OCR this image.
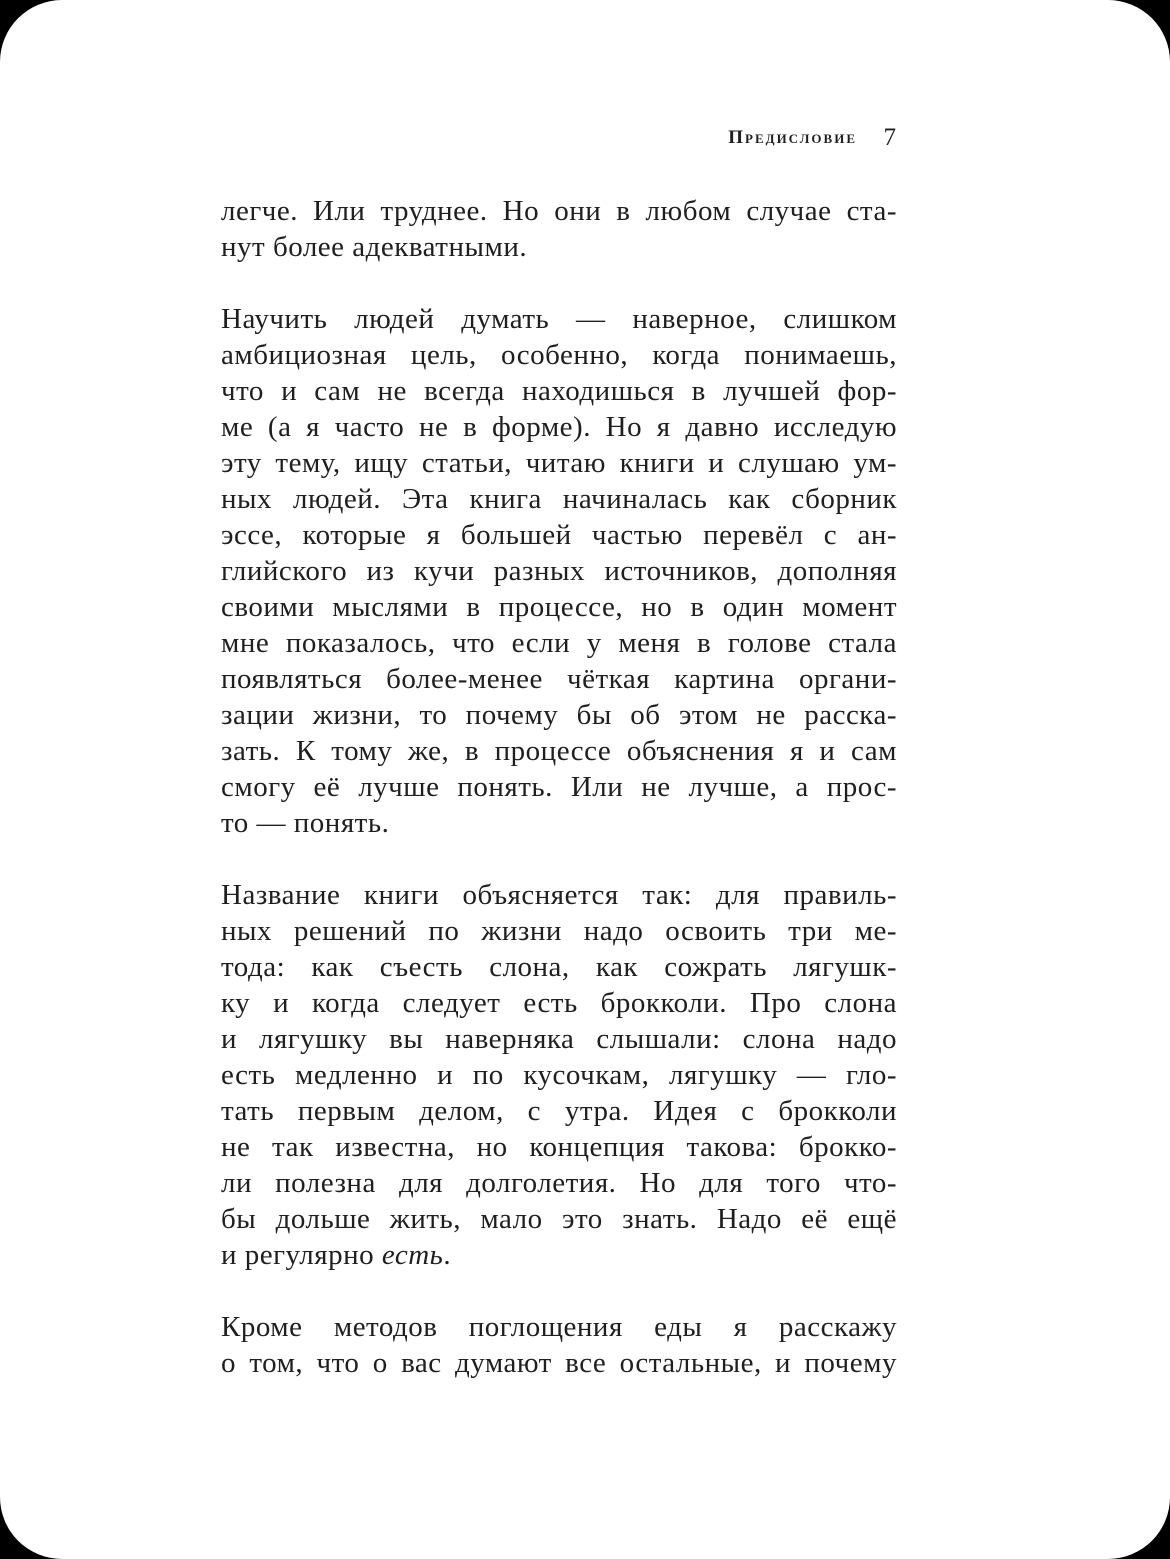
Предисловие 7
легче. Или труднее. Но они в любом случае ста-
нут более адекватными.
Научить людей думать — наверное, слишком
амбициозная цель, особенно, когда понимаешь,
что и сам не всегда находишься в лучшей фор-
ме (а я часто не в форме). Но я давно исследую
эту тему, ищу статьи, читаю книги и слушаю ум-
ных людей. Эта книга начиналась как сборник
эссе, которые я большей частью перевёл с ан-
глийского из кучи разных источников, дополняя
своими мыслями в процессе, но в один момент
мне показалось, что если у меня в голове стала
появляться более-менее чёткая картина органи-
зации жизни, то почему бы об этом не расска-
зать. К тому же, в процессе объяснения я и сам
смогу её лучше понять. Или не лучше, а прос-
то — понять.
Название книги объясняется так: для правиль-
ных решений по жизни надо освоить три ме-
тода: как съесть слона, как сожрать лягушк-
ку и когда следует есть брокколи. Про слона
и лягушку вы наверняка слышали: слона надо
есть медленно и по кусочкам, лягушку — гло-
тать первым делом, с утра. Идея с брокколи
не так известна, но концепция такова: брокко-
ли полезна для долголетия. Но для того что-
бы дольше жить, мало это знать. Надо её ещё
и регулярно есть.
Кроме методов поглощения еды я расскажу
о том, что о вас думают все остальные, и почему
